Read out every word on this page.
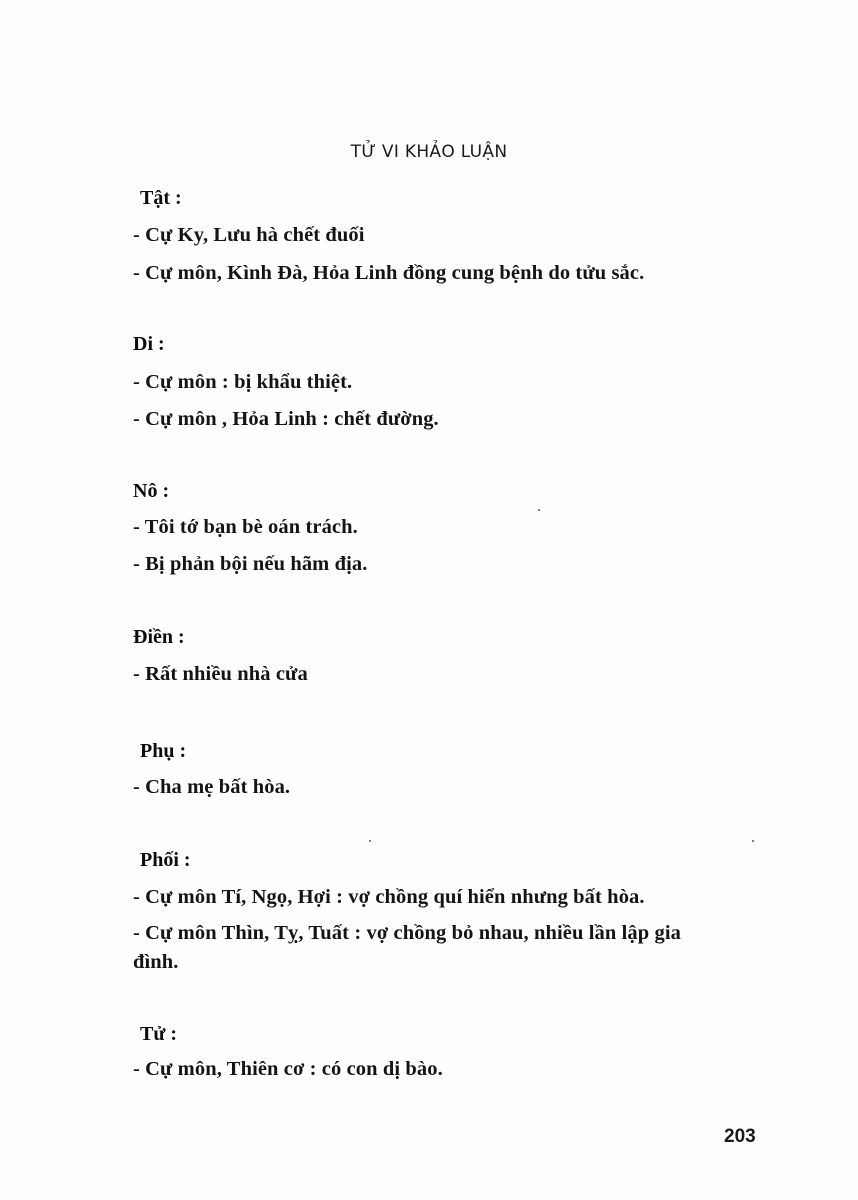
TỬ VI KHẢO LUẬN
Tật :
- Cự Ky, Lưu hà chết đuối
- Cự môn, Kình Đà, Hỏa Linh đồng cung bệnh do tửu sắc.
Di :
- Cự môn : bị khẩu thiệt.
- Cự môn , Hỏa Linh : chết đường.
Nô :
- Tôi tớ bạn bè oán trách.
- Bị phản bội nếu hãm địa.
Điền :
- Rất nhiều nhà cửa
Phụ :
- Cha mẹ bất hòa.
Phối :
- Cự môn Tí, Ngọ, Hợi : vợ chồng quí hiển nhưng bất hòa.
- Cự môn Thìn, Tỵ, Tuất : vợ chồng bỏ nhau, nhiều lần lập gia
đình.
Tử :
- Cự môn, Thiên cơ : có con dị bào.
203
